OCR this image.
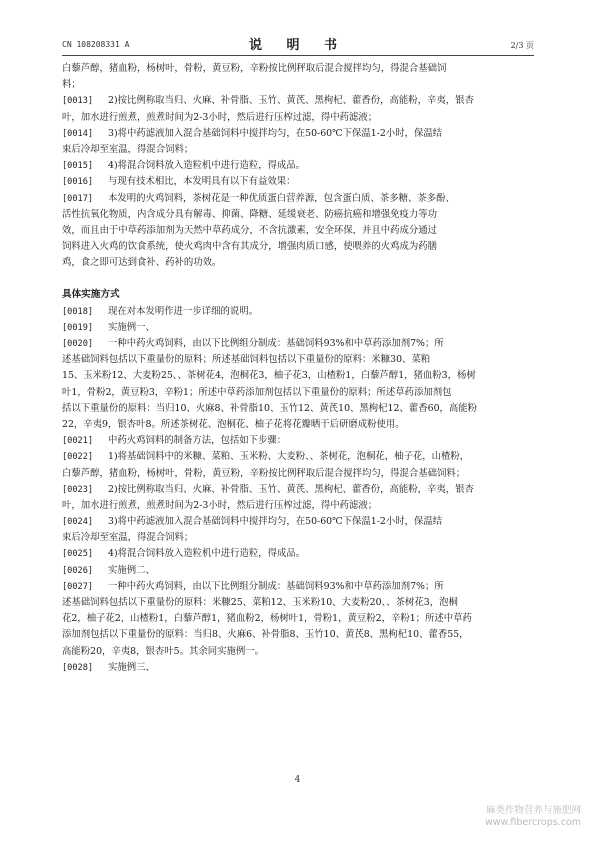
CN 108208331 A	说 明 书	2/3 页
白藜芦醇，猪血粉，杨树叶，骨粉，黄豆粉，辛粉按比例秤取后混合搅拌均匀，得混合基础饲
料；
[0013]	2)按比例称取当归、火麻、补骨脂、玉竹、黄芪、黑枸杞、藿香份，高能粉，辛夷，银杏
叶，加水进行煎煮，煎煮时间为2-3小时，然后进行压榨过滤，得中药滤液；
[0014]	3)将中药滤液加入混合基础饲料中搅拌均匀，在50-60℃下保温1-2小时，保温结
束后冷却至室温，得混合饲料；
[0015]	4)将混合饲料放入造粒机中进行造粒，得成品。
[0016]	与现有技术相比，本发明具有以下有益效果：
[0017]	本发明的火鸡饲料，茶树花是一种优质蛋白营养源，包含蛋白质、茶多糖、茶多酚、
活性抗氧化物质，内含成分具有解毒、抑菌、降糖、延缓衰老、防癌抗癌和增强免疫力等功
效，而且由于中草药添加剂为天然中草药成分，不含抗激素，安全环保，并且中药成分通过
饲料进入火鸡的饮食系统，使火鸡肉中含有其成分，增强肉质口感，使喂养的火鸡成为药膳
鸡，食之即可达到食补、药补的功效。
具体实施方式
[0018]	现在对本发明作进一步详细的说明。
[0019]	实施例一、
[0020]	一种中药火鸡饲料，由以下比例组分制成：基础饲料93%和中草药添加剂7%；所
述基础饲料包括以下重量份的原料；所述基础饲料包括以下重量份的原料：米糠30、菜粕
15、玉米粉12、大麦粉25、、茶树花4，泡桐花3，柚子花3，山楂粉1，白藜芦醇1，猪血粉3，杨树
叶1，骨粉2，黄豆粉3，辛粉1；所述中草药添加剂包括以下重量份的原料；所述草药添加剂包
括以下重量份的原料：当归10、火麻8、补骨脂10、玉竹12、黄芪10、黑枸杞12、藿香60，高能粉
22，辛夷9，银杏叶8。所述茶树花、泡桐花、柚子花将花瓣晒干后研磨成粉使用。
[0021]	中药火鸡饲料的制备方法，包括如下步骤：
[0022]	1)将基础饲料中的米糠、菜粕、玉米粉、大麦粉、、茶树花，泡桐花，柚子花，山楂粉，
白藜芦醇，猪血粉，杨树叶，骨粉，黄豆粉，辛粉按比例秤取后混合搅拌均匀，得混合基础饲料；
[0023]	2)按比例称取当归、火麻、补骨脂、玉竹、黄芪、黑枸杞、藿香份，高能粉，辛夷，银杏
叶，加水进行煎煮，煎煮时间为2-3小时，然后进行压榨过滤，得中药滤液；
[0024]	3)将中药滤液加入混合基础饲料中搅拌均匀，在50-60℃下保温1-2小时，保温结
束后冷却至室温，得混合饲料；
[0025]	4)将混合饲料放入造粒机中进行造粒，得成品。
[0026]	实施例二、
[0027]	一种中药火鸡饲料，由以下比例组分制成：基础饲料93%和中草药添加剂7%；所
述基础饲料包括以下重量份的原料：米糠25、菜粕12、玉米粉10、大麦粉20、、茶树花3，泡桐
花2，柚子花2，山楂粉1，白藜芦醇1，猪血粉2，杨树叶1，骨粉1，黄豆粉2，辛粉1；所述中草药
添加剂包括以下重量份的原料：当归8、火麻6、补骨脂8、玉竹10、黄芪8、黑枸杞10、藿香55，
高能粉20，辛夷8，银杏叶5。其余同实施例一。
[0028]	实施例三、
4
麻类作物营养与施肥网
www.fibercrops.com
